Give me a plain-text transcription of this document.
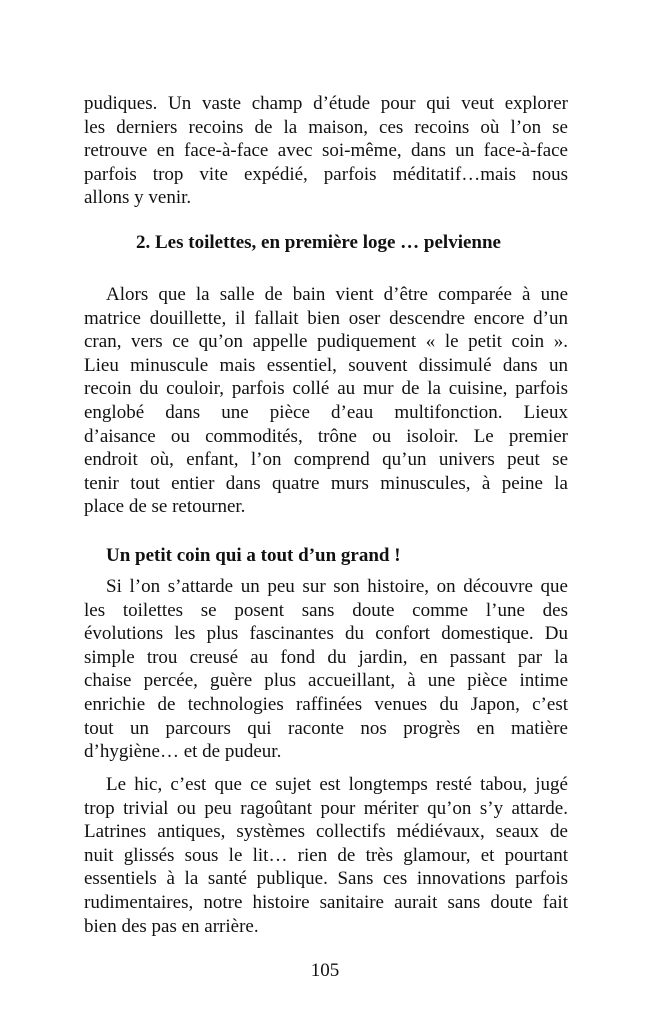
pudiques. Un vaste champ d’étude pour qui veut explorer
les derniers recoins de la maison, ces recoins où l’on se
retrouve en face-à-face avec soi-même, dans un face-à-face
parfois trop vite expédié, parfois méditatif…mais nous
allons y venir.
2. Les toilettes, en première loge … pelvienne
Alors que la salle de bain vient d’être comparée à une
matrice douillette, il fallait bien oser descendre encore d’un
cran, vers ce qu’on appelle pudiquement « le petit coin ».
Lieu minuscule mais essentiel, souvent dissimulé dans un
recoin du couloir, parfois collé au mur de la cuisine, parfois
englobé dans une pièce d’eau multifonction. Lieux
d’aisance ou commodités, trône ou isoloir. Le premier
endroit où, enfant, l’on comprend qu’un univers peut se
tenir tout entier dans quatre murs minuscules, à peine la
place de se retourner.
Un petit coin qui a tout d’un grand !
Si l’on s’attarde un peu sur son histoire, on découvre que
les toilettes se posent sans doute comme l’une des
évolutions les plus fascinantes du confort domestique. Du
simple trou creusé au fond du jardin, en passant par la
chaise percée, guère plus accueillant, à une pièce intime
enrichie de technologies raffinées venues du Japon, c’est
tout un parcours qui raconte nos progrès en matière
d’hygiène… et de pudeur.
Le hic, c’est que ce sujet est longtemps resté tabou, jugé
trop trivial ou peu ragoûtant pour mériter qu’on s’y attarde.
Latrines antiques, systèmes collectifs médiévaux, seaux de
nuit glissés sous le lit… rien de très glamour, et pourtant
essentiels à la santé publique. Sans ces innovations parfois
rudimentaires, notre histoire sanitaire aurait sans doute fait
bien des pas en arrière.
105
